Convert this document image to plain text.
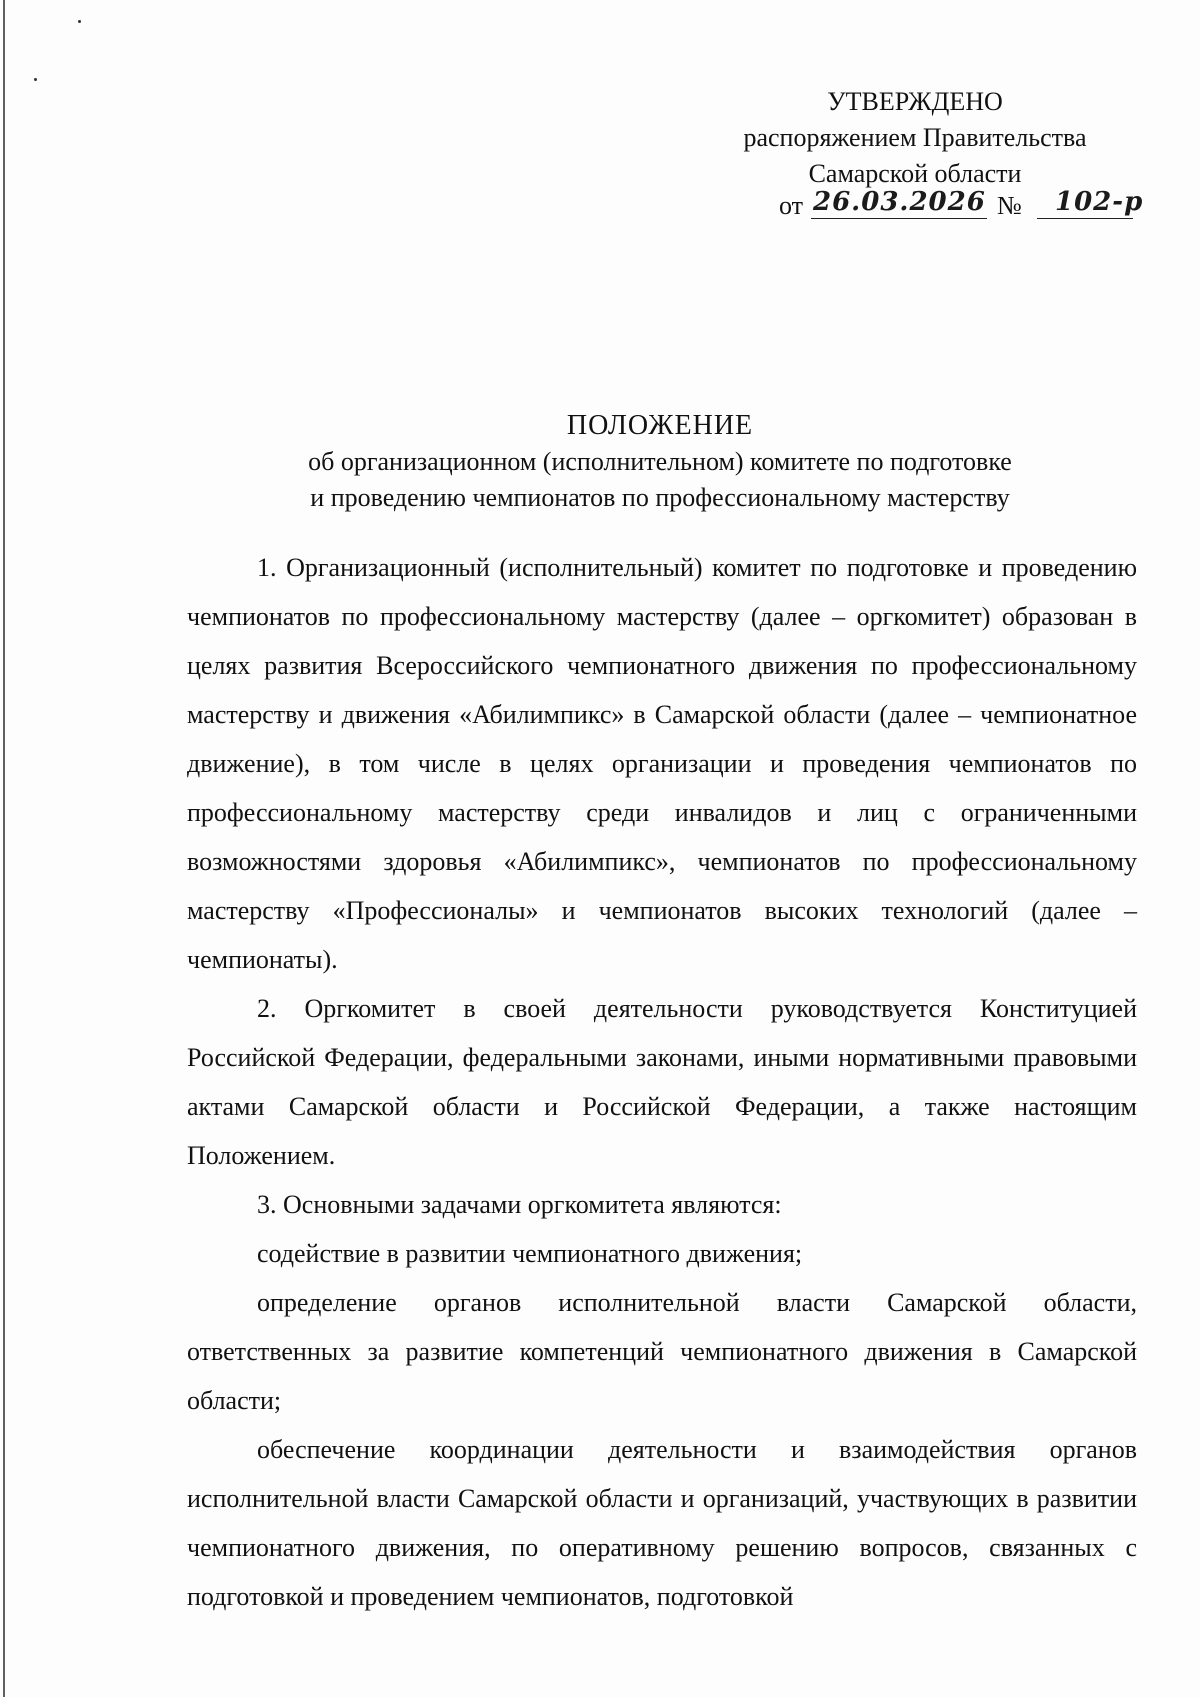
УТВЕРЖДЕНО
распоряжением Правительства
Самарской области
от 26.03.2026 № 102-р
ПОЛОЖЕНИЕ
об организационном (исполнительном) комитете по подготовке
и проведению чемпионатов по профессиональному мастерству

1. Организационный (исполнительный) комитет по подготовке и проведению чемпионатов по профессиональному мастерству (далее – оргкомитет) образован в целях развития Всероссийского чемпионатного движения по профессиональному мастерству и движения «Абилимпикс» в Самарской области (далее – чемпионатное движение), в том числе в целях организации и проведения чемпионатов по профессиональному мастерству среди инвалидов и лиц с ограниченными возможностями здоровья «Абилимпикс», чемпионатов по профессиональному мастерству «Профессионалы» и чемпионатов высоких технологий (далее – чемпионаты).

2. Оргкомитет в своей деятельности руководствуется Конституцией Российской Федерации, федеральными законами, иными нормативными правовыми актами Самарской области и Российской Федерации, а также настоящим Положением.

3. Основными задачами оргкомитета являются:

содействие в развитии чемпионатного движения;

определение органов исполнительной власти Самарской области, ответственных за развитие компетенций чемпионатного движения в Самарской области;

обеспечение координации деятельности и взаимодействия органов исполнительной власти Самарской области и организаций, участвующих в развитии чемпионатного движения, по оперативному решению вопросов, связанных с подготовкой и проведением чемпионатов, подготовкой
